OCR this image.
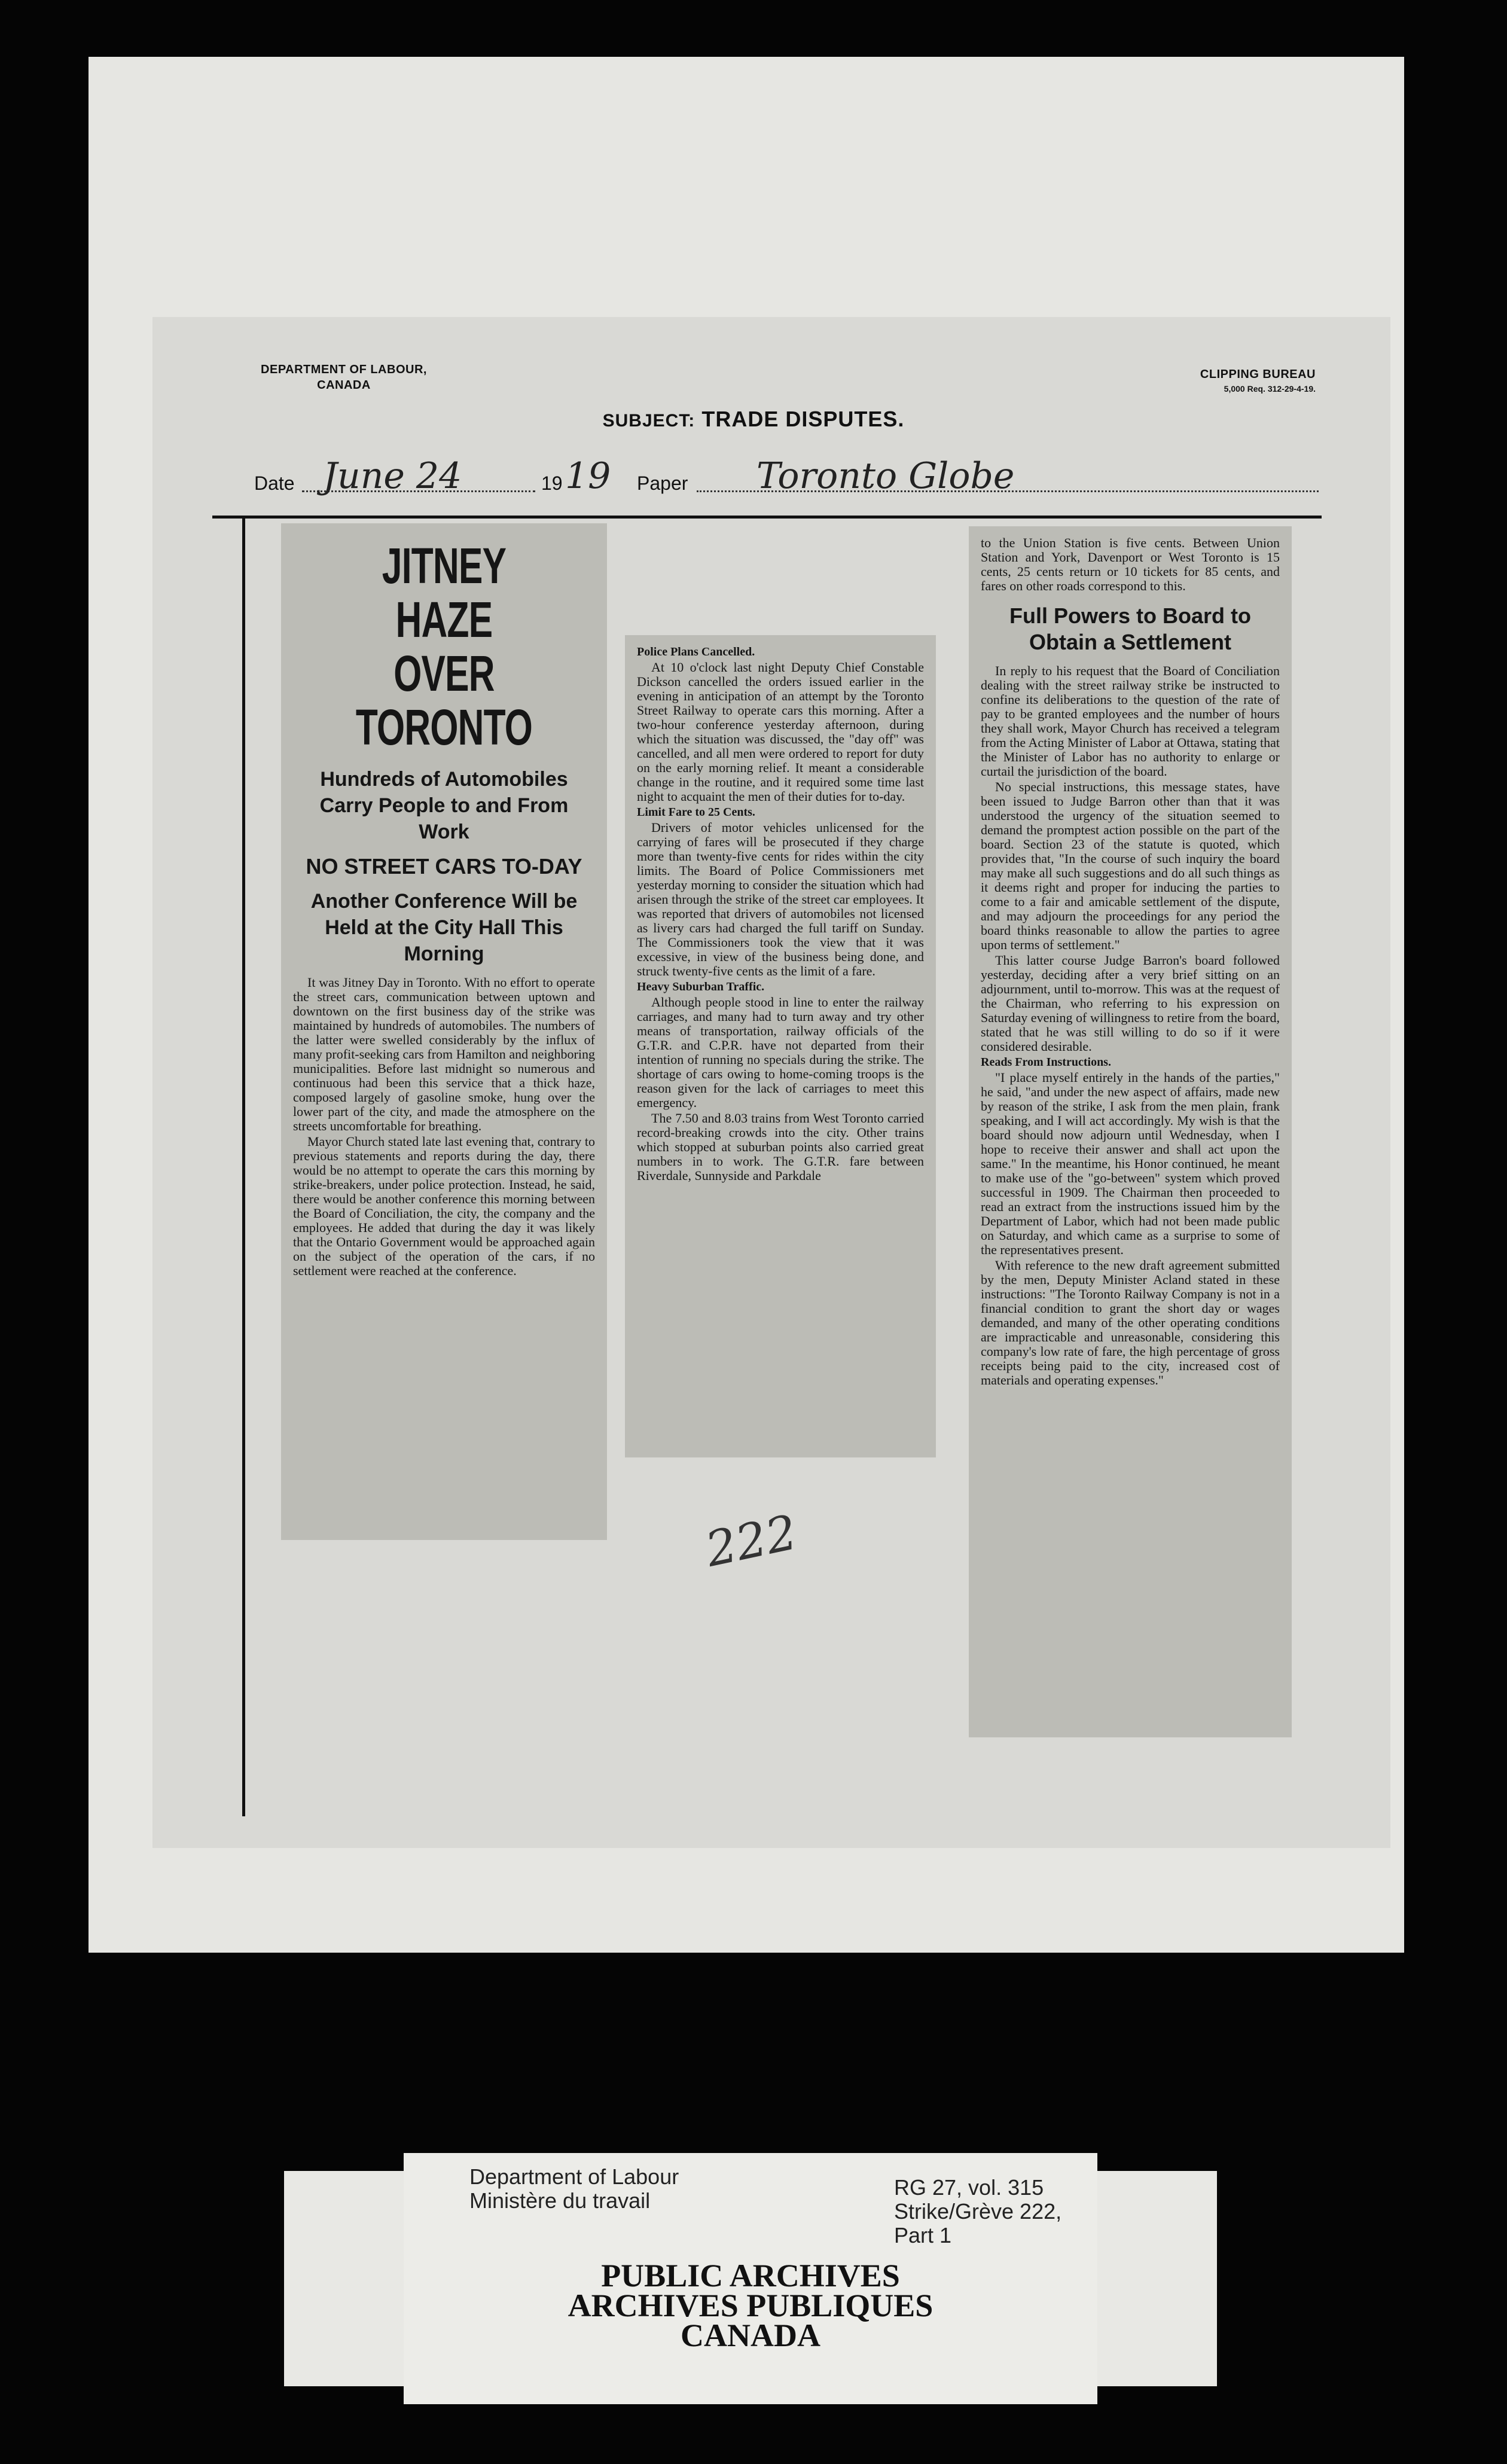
DEPARTMENT OF LABOUR,
CANADA
CLIPPING BUREAU
5,000 Req. 312-29-4-19.
SUBJECT: TRADE DISPUTES.
Date June 24	19 19 Paper Toronto Globe
JITNEY HAZE
OVER TORONTO
Hundreds of Automobiles Carry People to and From Work
NO STREET CARS TO-DAY
Another Conference Will be Held at the City Hall This Morning

It was Jitney Day in Toronto. With no effort to operate the street cars, communication between uptown and downtown on the first business day of the strike was maintained by hundreds of automobiles. The numbers of the latter were swelled considerably by the influx of many profit-seeking cars from Hamilton and neighboring municipalities. Before last midnight so numerous and continuous had been this service that a thick haze, composed largely of gasoline smoke, hung over the lower part of the city, and made the atmosphere on the streets uncomfortable for breathing.

Mayor Church stated late last evening that, contrary to previous statements and reports during the day, there would be no attempt to operate the cars this morning by strike-breakers, under police protection. Instead, he said, there would be another conference this morning between the Board of Conciliation, the city, the company and the employees. He added that during the day it was likely that the Ontario Government would be approached again on the subject of the operation of the cars, if no settlement were reached at the conference.

Police Plans Cancelled.

At 10 o'clock last night Deputy Chief Constable Dickson cancelled the orders issued earlier in the evening in anticipation of an attempt by the Toronto Street Railway to operate cars this morning. After a two-hour conference yesterday afternoon, during which the situation was discussed, the "day off" was cancelled, and all men were ordered to report for duty on the early morning relief. It meant a considerable change in the routine, and it required some time last night to acquaint the men of their duties for to-day.

Limit Fare to 25 Cents.

Drivers of motor vehicles unlicensed for the carrying of fares will be prosecuted if they charge more than twenty-five cents for rides within the city limits. The Board of Police Commissioners met yesterday morning to consider the situation which had arisen through the strike of the street car employees. It was reported that drivers of automobiles not licensed as livery cars had charged the full tariff on Sunday. The Commissioners took the view that it was excessive, in view of the business being done, and struck twenty-five cents as the limit of a fare.

Heavy Suburban Traffic.

Although people stood in line to enter the railway carriages, and many had to turn away and try other means of transportation, railway officials of the G.T.R. and C.P.R. have not departed from their intention of running no specials during the strike. The shortage of cars owing to home-coming troops is the reason given for the lack of carriages to meet this emergency.

The 7.50 and 8.03 trains from West Toronto carried record-breaking crowds into the city. Other trains which stopped at suburban points also carried great numbers in to work. The G.T.R. fare between Riverdale, Sunnyside and Parkdale

to the Union Station is five cents. Between Union Station and York, Davenport or West Toronto is 15 cents, 25 cents return or 10 tickets for 85 cents, and fares on other roads correspond to this.

Full Powers to Board to Obtain a Settlement

In reply to his request that the Board of Conciliation dealing with the street railway strike be instructed to confine its deliberations to the question of the rate of pay to be granted employees and the number of hours they shall work, Mayor Church has received a telegram from the Acting Minister of Labor at Ottawa, stating that the Minister of Labor has no authority to enlarge or curtail the jurisdiction of the board.

No special instructions, this message states, have been issued to Judge Barron other than that it was understood the urgency of the situation seemed to demand the promptest action possible on the part of the board. Section 23 of the statute is quoted, which provides that, "In the course of such inquiry the board may make all such suggestions and do all such things as it deems right and proper for inducing the parties to come to a fair and amicable settlement of the dispute, and may adjourn the proceedings for any period the board thinks reasonable to allow the parties to agree upon terms of settlement."

This latter course Judge Barron's board followed yesterday, deciding after a very brief sitting on an adjournment, until to-morrow. This was at the request of the Chairman, who referring to his expression on Saturday evening of willingness to retire from the board, stated that he was still willing to do so if it were considered desirable.

Reads From Instructions.

"I place myself entirely in the hands of the parties," he said, "and under the new aspect of affairs, made new by reason of the strike, I ask from the men plain, frank speaking, and I will act accordingly. My wish is that the board should now adjourn until Wednesday, when I hope to receive their answer and shall act upon the same." In the meantime, his Honor continued, he meant to make use of the "go-between" system which proved successful in 1909. The Chairman then proceeded to read an extract from the instructions issued him by the Department of Labor, which had not been made public on Saturday, and which came as a surprise to some of the representatives present.

With reference to the new draft agreement submitted by the men, Deputy Minister Acland stated in these instructions: "The Toronto Railway Company is not in a financial condition to grant the short day or wages demanded, and many of the other operating conditions are impracticable and unreasonable, considering this company's low rate of fare, the high percentage of gross receipts being paid to the city, increased cost of materials and operating expenses."

222
Department of Labour
Ministère du travail
RG 27, vol. 315
Strike/Grève 222,
Part 1
PUBLIC ARCHIVES
ARCHIVES PUBLIQUES
CANADA
